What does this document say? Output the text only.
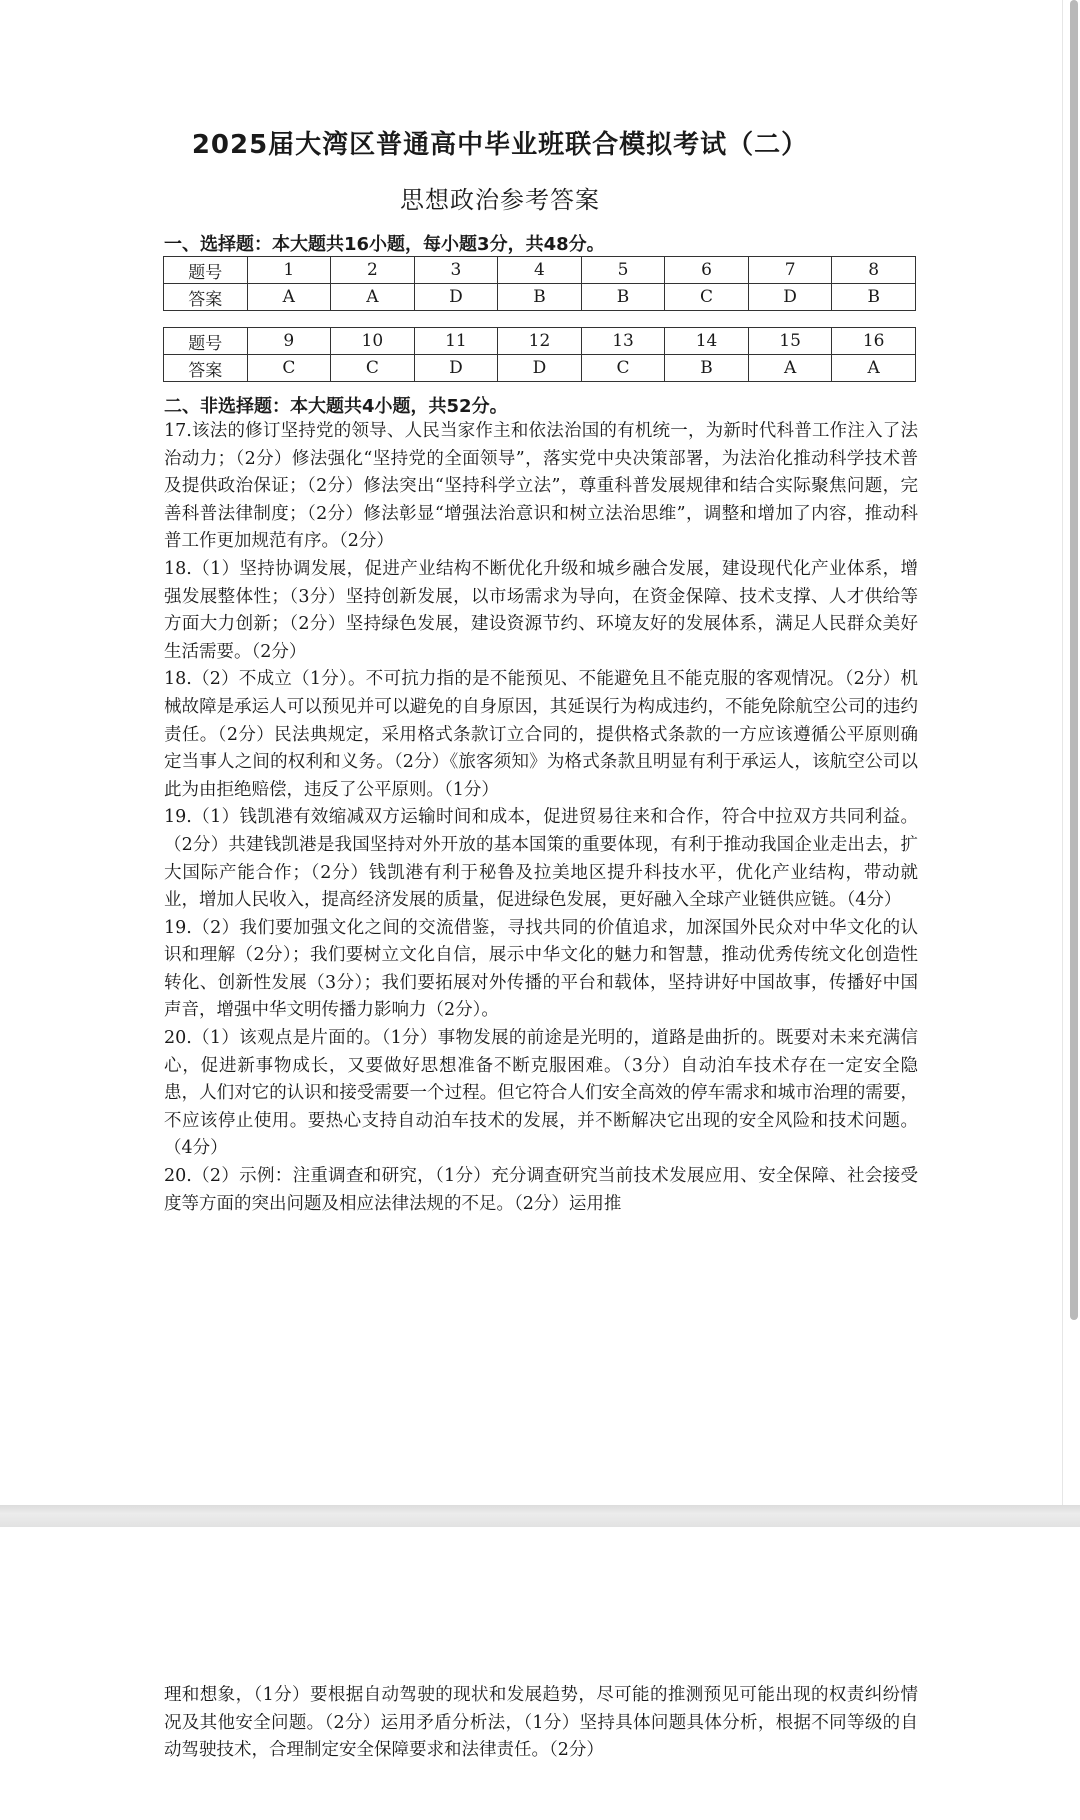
2025届大湾区普通高中毕业班联合模拟考试（二）
思想政治参考答案
一、选择题：本大题共16小题，每小题3分，共48分。
题号	1	2	3	4	5	6	7	8
答案	A	A	D	B	B	C	D	B
题号	9	10	11	12	13	14	15	16
答案	C	C	D	D	C	B	A	A
二、非选择题：本大题共4小题，共52分。

17.该法的修订坚持党的领导、人民当家作主和依法治国的有机统一，为新时代科普工作注入了法治动力；（2分）修法强化“坚持党的全面领导”，落实党中央决策部署，为法治化推动科学技术普及提供政治保证；（2分）修法突出“坚持科学立法”，尊重科普发展规律和结合实际聚焦问题，完善科普法律制度；（2分）修法彰显“增强法治意识和树立法治思维”，调整和增加了内容，推动科普工作更加规范有序。（2分）

18.（1）坚持协调发展，促进产业结构不断优化升级和城乡融合发展，建设现代化产业体系，增强发展整体性；（3分）坚持创新发展，以市场需求为导向，在资金保障、技术支撑、人才供给等方面大力创新；（2分）坚持绿色发展，建设资源节约、环境友好的发展体系，满足人民群众美好生活需要。（2分）

18.（2）不成立（1分）。不可抗力指的是不能预见、不能避免且不能克服的客观情况。（2分）机械故障是承运人可以预见并可以避免的自身原因，其延误行为构成违约，不能免除航空公司的违约责任。（2分）民法典规定，采用格式条款订立合同的，提供格式条款的一方应该遵循公平原则确定当事人之间的权利和义务。（2分）《旅客须知》为格式条款且明显有利于承运人，该航空公司以此为由拒绝赔偿，违反了公平原则。（1分）

19.（1）钱凯港有效缩减双方运输时间和成本，促进贸易往来和合作，符合中拉双方共同利益。（2分）共建钱凯港是我国坚持对外开放的基本国策的重要体现，有利于推动我国企业走出去，扩大国际产能合作；（2分）钱凯港有利于秘鲁及拉美地区提升科技水平，优化产业结构，带动就业，增加人民收入，提高经济发展的质量，促进绿色发展，更好融入全球产业链供应链。（4分）

19.（2）我们要加强文化之间的交流借鉴，寻找共同的价值追求，加深国外民众对中华文化的认识和理解（2分）；我们要树立文化自信，展示中华文化的魅力和智慧，推动优秀传统文化创造性转化、创新性发展（3分）；我们要拓展对外传播的平台和载体，坚持讲好中国故事，传播好中国声音，增强中华文明传播力影响力（2分）。

20.（1）该观点是片面的。（1分）事物发展的前途是光明的，道路是曲折的。既要对未来充满信心，促进新事物成长，又要做好思想准备不断克服困难。（3分）自动泊车技术存在一定安全隐患，人们对它的认识和接受需要一个过程。但它符合人们安全高效的停车需求和城市治理的需要，不应该停止使用。要热心支持自动泊车技术的发展，并不断解决它出现的安全风险和技术问题。（4分）

20.（2）示例：注重调查和研究，（1分）充分调查研究当前技术发展应用、安全保障、社会接受度等方面的突出问题及相应法律法规的不足。（2分）运用推

理和想象，（1分）要根据自动驾驶的现状和发展趋势，尽可能的推测预见可能出现的权责纠纷情况及其他安全问题。（2分）运用矛盾分析法，（1分）坚持具体问题具体分析，根据不同等级的自动驾驶技术，合理制定安全保障要求和法律责任。（2分）
